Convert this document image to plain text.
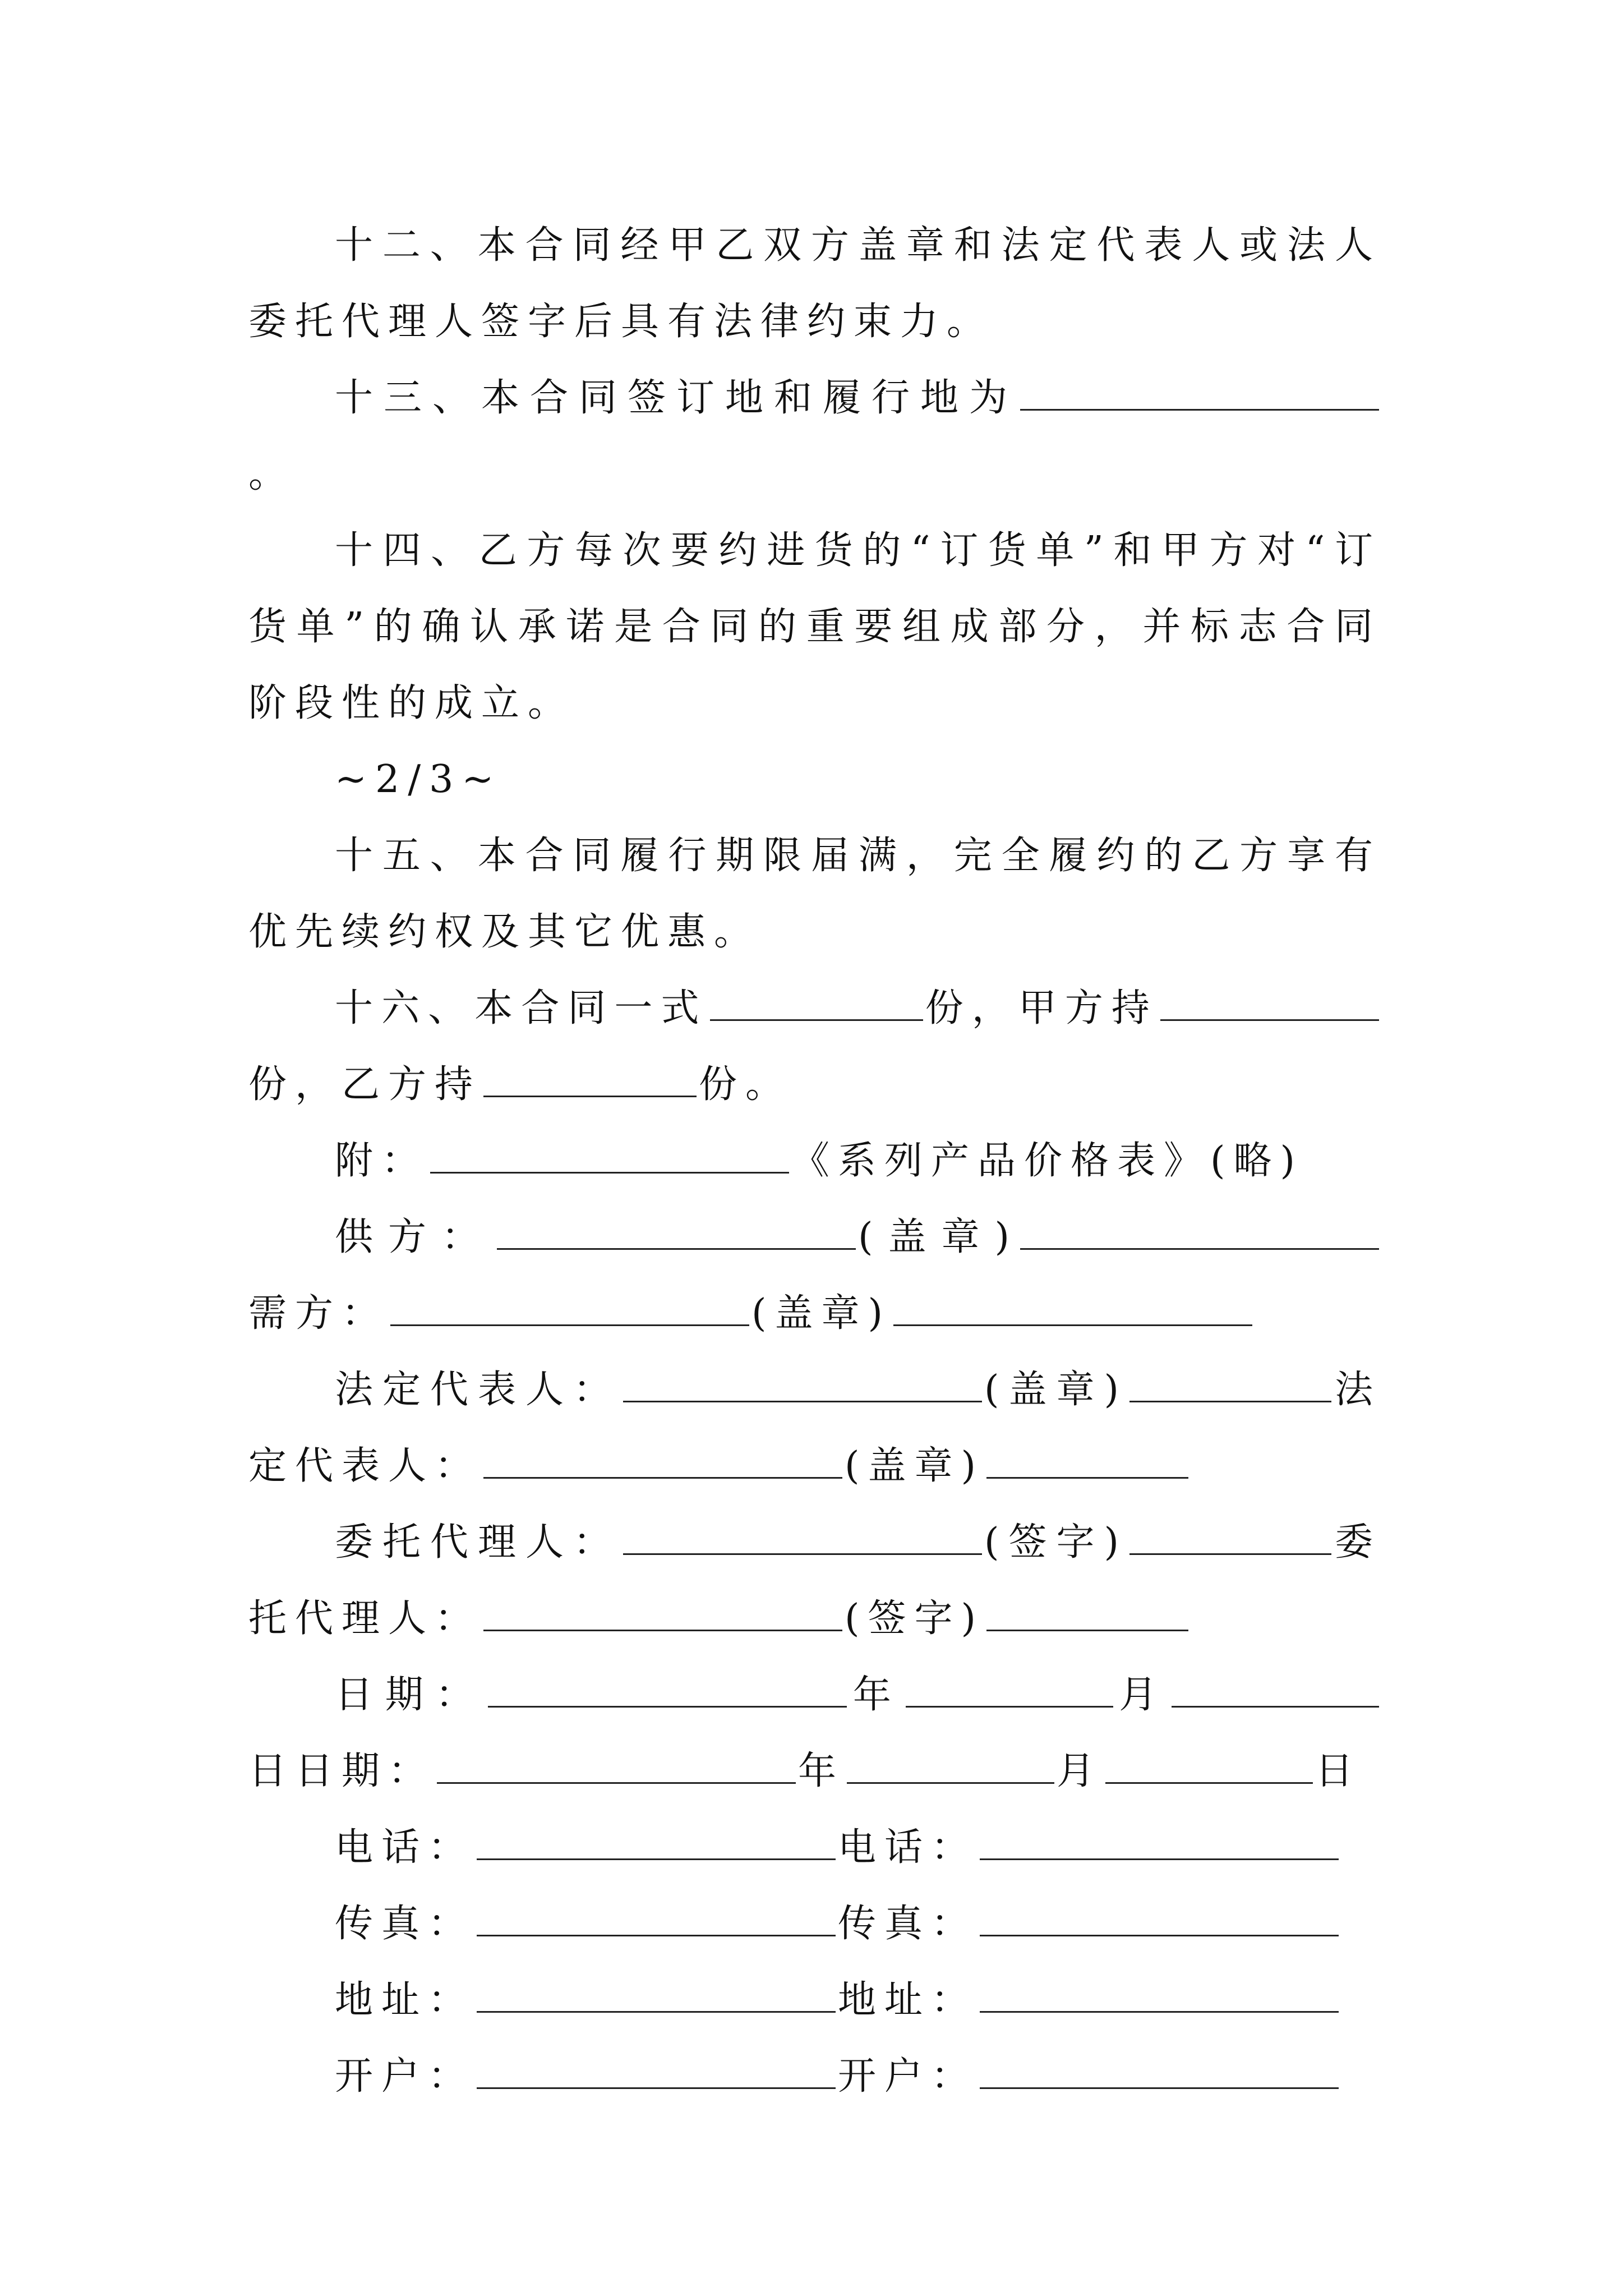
十二、本合同经甲乙双方盖章和法定代表人或法人委托代理人签字后具有法律约束力。

十三、本合同签订地和履行地为。

十四、乙方每次要约进货的“订货单”和甲方对“订货单”的确认承诺是合同的重要组成部分，并标志合同阶段性的成立。

~2/3~

十五、本合同履行期限届满，完全履约的乙方享有优先续约权及其它优惠。

十六、本合同一式	份，甲方持份，乙方持	份。

附：	《系列产品价格表》(略)

供方：	(盖章)需方：	(盖章)

法定代表人：	(盖章)	法定代表人：	(盖章)

委托代理人：	(签字)	委托代理人：	(签字)

日期：	年	月日日期：	年	月	日

电话：	电话：

传真：	传真：

地址：	地址：

开户：	开户：
